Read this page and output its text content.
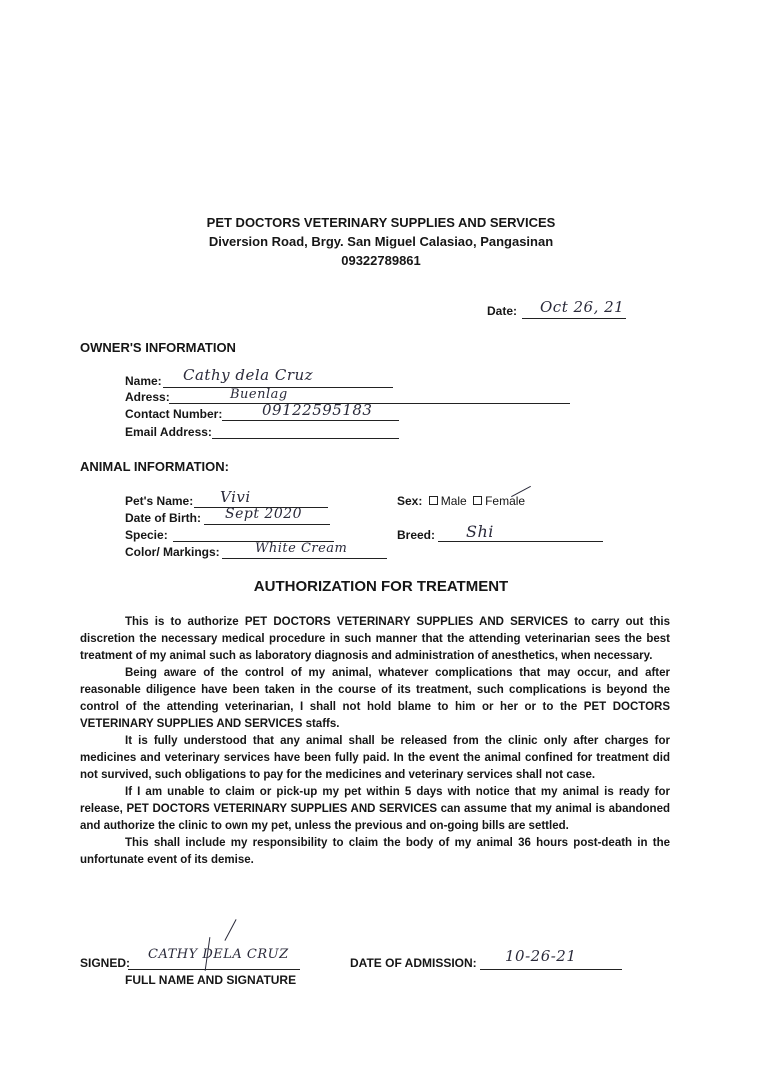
PET DOCTORS VETERINARY SUPPLIES AND SERVICES
Diversion Road, Brgy. San Miguel Calasiao, Pangasinan
09322789861
Date: Oct 26, 21
OWNER'S INFORMATION
Name: Cathy dela Cruz
Adress:	Buenlag
Contact Number:	09122595183
Email Address:
ANIMAL INFORMATION:
Pet's Name: Vivi
Date of Birth: Sept 2020
Specie:
Color/ Markings:	White Cream
Sex: Male Female
Breed: Shi
AUTHORIZATION FOR TREATMENT

This is to authorize PET DOCTORS VETERINARY SUPPLIES AND SERVICES to carry out this discretion the necessary medical procedure in such manner that the attending veterinarian sees the best treatment of my animal such as laboratory diagnosis and administration of anesthetics, when necessary.

Being aware of the control of my animal, whatever complications that may occur, and after reasonable diligence have been taken in the course of its treatment, such complications is beyond the control of the attending veterinarian, I shall not hold blame to him or her or to the PET DOCTORS VETERINARY SUPPLIES AND SERVICES staffs.

It is fully understood that any animal shall be released from the clinic only after charges for medicines and veterinary services have been fully paid. In the event the animal confined for treatment did not survived, such obligations to pay for the medicines and veterinary services shall not case.

If I am unable to claim or pick-up my pet within 5 days with notice that my animal is ready for release, PET DOCTORS VETERINARY SUPPLIES AND SERVICES can assume that my animal is abandoned and authorize the clinic to own my pet, unless the previous and on-going bills are settled.

This shall include my responsibility to claim the body of my animal 36 hours post-death in the unfortunate event of its demise.

SIGNED:
CATHY DELA CRUZ
FULL NAME AND SIGNATURE
DATE OF ADMISSION: 10-26-21
